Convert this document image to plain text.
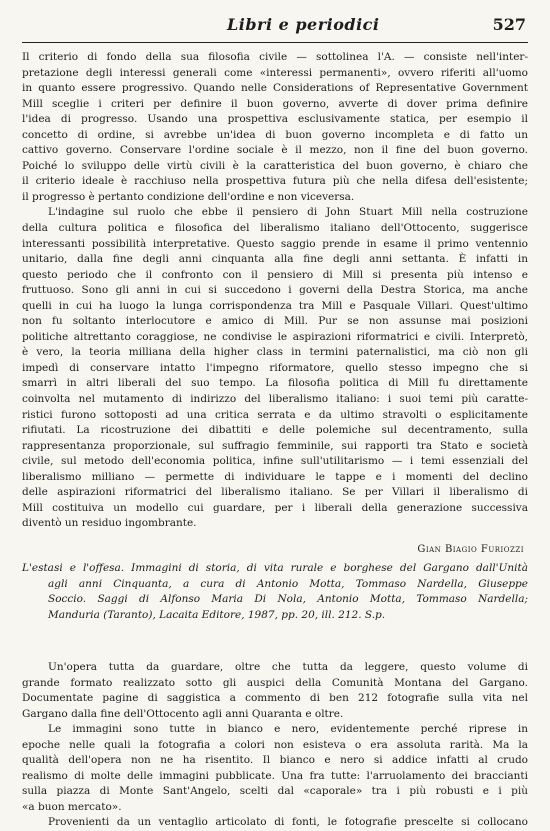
Libri e periodici	527
Il criterio di fondo della sua filosofia civile — sottolinea l'A. — consiste nell'inter-
pretazione degli interessi generali come «interessi permanenti», ovvero riferiti all'uomo
in quanto essere progressivo. Quando nelle Considerations of Representative Government
Mill sceglie i criteri per definire il buon governo, avverte di dover prima definire
l'idea di progresso. Usando una prospettiva esclusivamente statica, per esempio il
concetto di ordine, si avrebbe un'idea di buon governo incompleta e di fatto un
cattivo governo. Conservare l'ordine sociale è il mezzo, non il fine del buon governo.
Poiché lo sviluppo delle virtù civili è la caratteristica del buon governo, è chiaro che
il criterio ideale è racchiuso nella prospettiva futura più che nella difesa dell'esistente;
il progresso è pertanto condizione dell'ordine e non viceversa.
L'indagine sul ruolo che ebbe il pensiero di John Stuart Mill nella costruzione
della cultura politica e filosofica del liberalismo italiano dell'Ottocento, suggerisce
interessanti possibilità interpretative. Questo saggio prende in esame il primo ventennio
unitario, dalla fine degli anni cinquanta alla fine degli anni settanta. È infatti in
questo periodo che il confronto con il pensiero di Mill si presenta più intenso e
fruttuoso. Sono gli anni in cui si succedono i governi della Destra Storica, ma anche
quelli in cui ha luogo la lunga corrispondenza tra Mill e Pasquale Villari. Quest'ultimo
non fu soltanto interlocutore e amico di Mill. Pur se non assunse mai posizioni
politiche altrettanto coraggiose, ne condivise le aspirazioni riformatrici e civili. Interpretò,
è vero, la teoria milliana della higher class in termini paternalistici, ma ciò non gli
impedì di conservare intatto l'impegno riformatore, quello stesso impegno che si
smarrì in altri liberali del suo tempo. La filosofia politica di Mill fu direttamente
coinvolta nel mutamento di indirizzo del liberalismo italiano: i suoi temi più caratte-
ristici furono sottoposti ad una critica serrata e da ultimo stravolti o esplicitamente
rifiutati. La ricostruzione dei dibattiti e delle polemiche sul decentramento, sulla
rappresentanza proporzionale, sul suffragio femminile, sui rapporti tra Stato e società
civile, sul metodo dell'economia politica, infine sull'utilitarismo — i temi essenziali del
liberalismo milliano — permette di individuare le tappe e i momenti del declino
delle aspirazioni riformatrici del liberalismo italiano. Se per Villari il liberalismo di
Mill costituiva un modello cui guardare, per i liberali della generazione successiva
diventò un residuo ingombrante.
Gian Biagio Furiozzi
L'estasi e l'offesa. Immagini di storia, di vita rurale e borghese del Gargano dall'Unità
agli anni Cinquanta, a cura di Antonio Motta, Tommaso Nardella, Giuseppe
Soccio. Saggi di Alfonso Maria Di Nola, Antonio Motta, Tommaso Nardella;
Manduria (Taranto), Lacaita Editore, 1987, pp. 20, ill. 212. S.p.
Un'opera tutta da guardare, oltre che tutta da leggere, questo volume di
grande formato realizzato sotto gli auspici della Comunità Montana del Gargano.
Documentate pagine di saggistica a commento di ben 212 fotografie sulla vita nel
Gargano dalla fine dell'Ottocento agli anni Quaranta e oltre.
Le immagini sono tutte in bianco e nero, evidentemente perché riprese in
epoche nelle quali la fotografia a colori non esisteva o era assoluta rarità. Ma la
qualità dell'opera non ne ha risentito. Il bianco e nero si addice infatti al crudo
realismo di molte delle immagini pubblicate. Una fra tutte: l'arruolamento dei braccianti
sulla piazza di Monte Sant'Angelo, scelti dal «caporale» tra i più robusti e i più
«a buon mercato».
Provenienti da un ventaglio articolato di fonti, le fotografie prescelte si collocano
